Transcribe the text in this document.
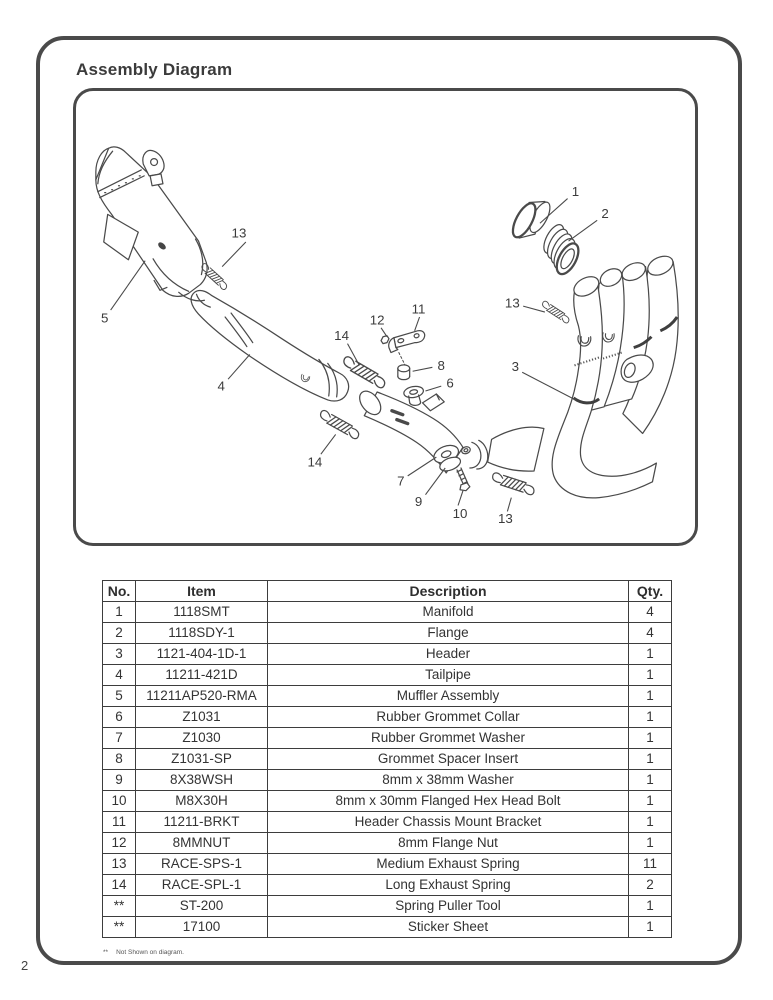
Assembly Diagram
1
2
13
5
13
3
12
11
14
8
6
4
14
7
9
10 13
No.	Item	Description	Qty.
1	1118SMT	Manifold	4
2	1118SDY-1	Flange	4
3	1121-404-1D-1	Header	1
4	11211-421D	Tailpipe	1
5	11211AP520-RMA	Muffler Assembly	1
6	Z1031	Rubber Grommet Collar	1
7	Z1030	Rubber Grommet Washer	1
8	Z1031-SP	Grommet Spacer Insert	1
9	8X38WSH	8mm x 38mm Washer	1
10	M8X30H	8mm x 30mm Flanged Hex Head Bolt	1
11	11211-BRKT	Header Chassis Mount Bracket	1
12	8MMNUT	8mm Flange Nut	1
13	RACE-SPS-1	Medium Exhaust Spring	11
14	RACE-SPL-1	Long Exhaust Spring	2
**	ST-200	Spring Puller Tool	1
**	17100	Sticker Sheet	1
** Not Shown on diagram.
2
